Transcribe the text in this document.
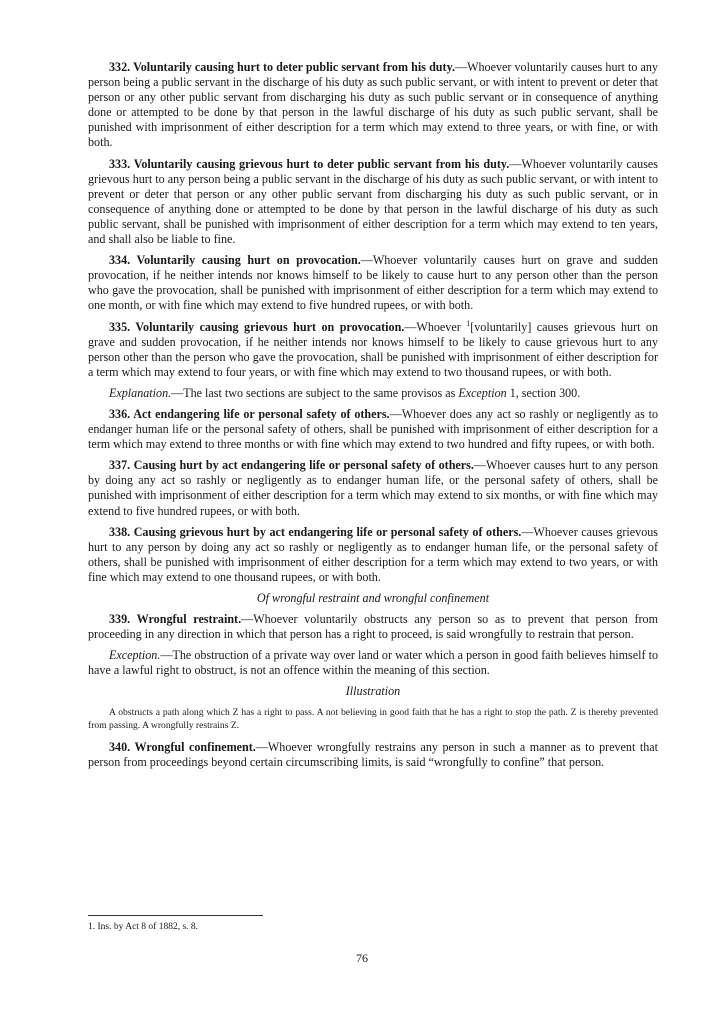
332. Voluntarily causing hurt to deter public servant from his duty.—Whoever voluntarily causes hurt to any person being a public servant in the discharge of his duty as such public servant, or with intent to prevent or deter that person or any other public servant from discharging his duty as such public servant or in consequence of anything done or attempted to be done by that person in the lawful discharge of his duty as such public servant, shall be punished with imprisonment of either description for a term which may extend to three years, or with fine, or with both.

333. Voluntarily causing grievous hurt to deter public servant from his duty.—Whoever voluntarily causes grievous hurt to any person being a public servant in the discharge of his duty as such public servant, or with intent to prevent or deter that person or any other public servant from discharging his duty as such public servant, or in consequence of anything done or attempted to be done by that person in the lawful discharge of his duty as such public servant, shall be punished with imprisonment of either description for a term which may extend to ten years, and shall also be liable to fine.

334. Voluntarily causing hurt on provocation.—Whoever voluntarily causes hurt on grave and sudden provocation, if he neither intends nor knows himself to be likely to cause hurt to any person other than the person who gave the provocation, shall be punished with imprisonment of either description for a term which may extend to one month, or with fine which may extend to five hundred rupees, or with both.

335. Voluntarily causing grievous hurt on provocation.—Whoever $^1$[voluntarily] causes grievous hurt on grave and sudden provocation, if he neither intends nor knows himself to be likely to cause grievous hurt to any person other than the person who gave the provocation, shall be punished with imprisonment of either description for a term which may extend to four years, or with fine which may extend to two thousand rupees, or with both.

Explanation.—The last two sections are subject to the same provisos as Exception 1, section 300.

336. Act endangering life or personal safety of others.—Whoever does any act so rashly or negligently as to endanger human life or the personal safety of others, shall be punished with imprisonment of either description for a term which may extend to three months or with fine which may extend to two hundred and fifty rupees, or with both.

337. Causing hurt by act endangering life or personal safety of others.—Whoever causes hurt to any person by doing any act so rashly or negligently as to endanger human life, or the personal safety of others, shall be punished with imprisonment of either description for a term which may extend to six months, or with fine which may extend to five hundred rupees, or with both.

338. Causing grievous hurt by act endangering life or personal safety of others.—Whoever causes grievous hurt to any person by doing any act so rashly or negligently as to endanger human life, or the personal safety of others, shall be punished with imprisonment of either description for a term which may extend to two years, or with fine which may extend to one thousand rupees, or with both.

Of wrongful restraint and wrongful confinement

339. Wrongful restraint.—Whoever voluntarily obstructs any person so as to prevent that person from proceeding in any direction in which that person has a right to proceed, is said wrongfully to restrain that person.

Exception.—The obstruction of a private way over land or water which a person in good faith believes himself to have a lawful right to obstruct, is not an offence within the meaning of this section.

Illustration

A obstructs a path along which Z has a right to pass. A not believing in good faith that he has a right to stop the path. Z is thereby prevented from passing. A wrongfully restrains Z.

340. Wrongful confinement.—Whoever wrongfully restrains any person in such a manner as to prevent that person from proceedings beyond certain circumscribing limits, is said “wrongfully to confine” that person.

1. Ins. by Act 8 of 1882, s. 8.
76
